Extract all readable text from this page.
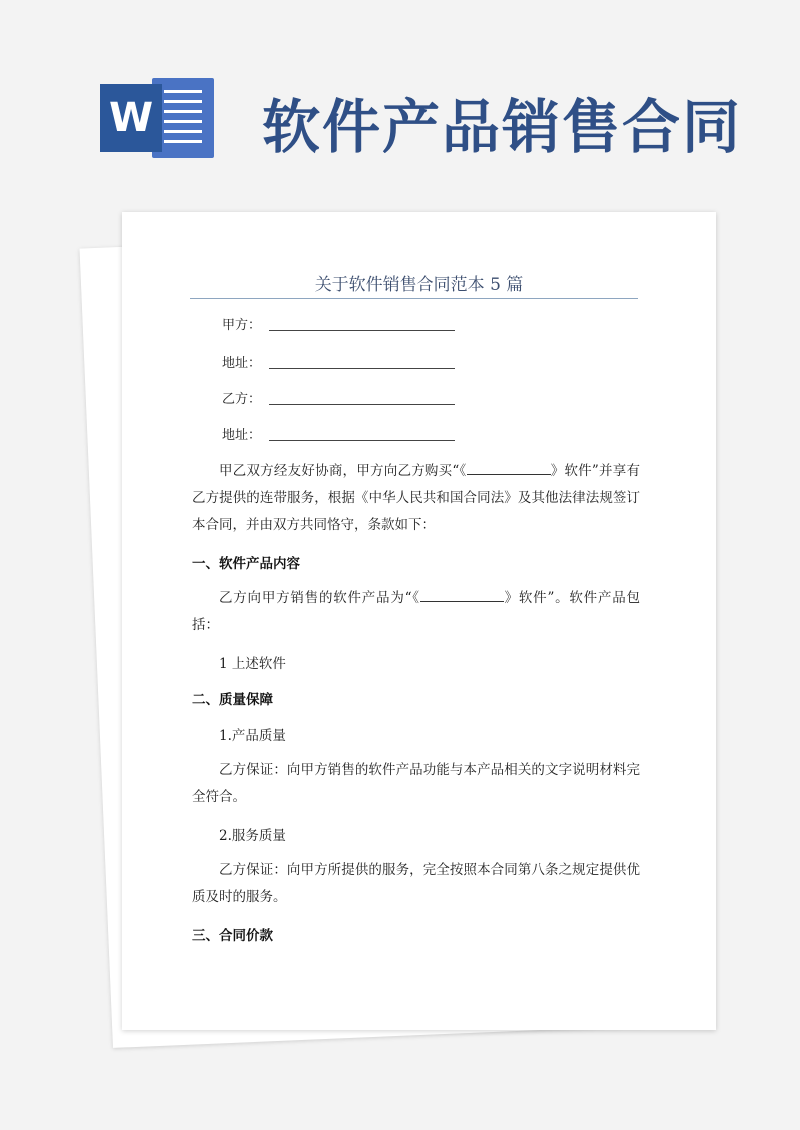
W 软件产品销售合同
关于软件销售合同范本 5 篇
甲方：
地址：
乙方：
地址：

甲乙双方经友好协商，甲方向乙方购买“《	》软件”并享有乙方提供的连带服务，根据《中华人民共和国合同法》及其他法律法规签订本合同，并由双方共同恪守，条款如下：

一、软件产品内容

乙方向甲方销售的软件产品为“《	》软件”。软件产品包括：

1 上述软件
二、质量保障
1.产品质量

乙方保证：向甲方销售的软件产品功能与本产品相关的文字说明材料完全符合。

2.服务质量

乙方保证：向甲方所提供的服务，完全按照本合同第八条之规定提供优质及时的服务。

三、合同价款
